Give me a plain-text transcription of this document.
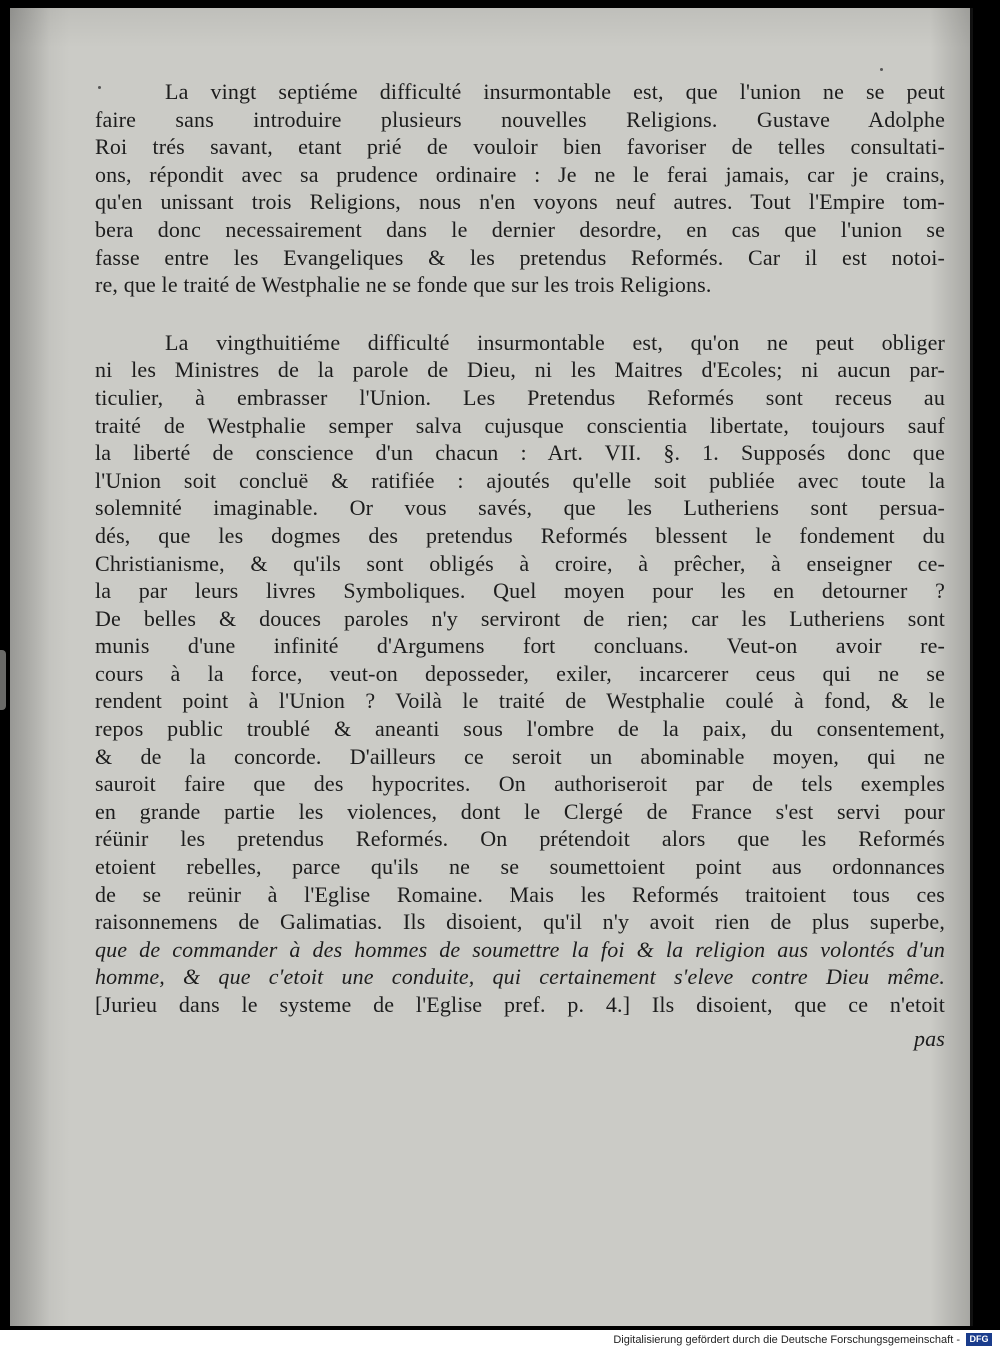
La vingt septiéme difficulté insurmontable est, que l'union ne se peut
faire sans introduire plusieurs nouvelles Religions. Gustave Adolphe
Roi trés savant, etant prié de vouloir bien favoriser de telles consultati-
ons, répondit avec sa prudence ordinaire : Je ne le ferai jamais, car je crains,
qu'en unissant trois Religions, nous n'en voyons neuf autres. Tout l'Empire tom-
bera donc necessairement dans le dernier desordre, en cas que l'union se
fasse entre les Evangeliques & les pretendus Reformés. Car il est notoi-
re, que le traité de Westphalie ne se fonde que sur les trois Religions.
La vingthuitiéme difficulté insurmontable est, qu'on ne peut obliger
ni les Ministres de la parole de Dieu, ni les Maitres d'Ecoles; ni aucun par-
ticulier, à embrasser l'Union. Les Pretendus Reformés sont receus au
traité de Westphalie semper salva cujusque conscientia libertate, toujours sauf
la liberté de conscience d'un chacun : Art. VII. §. 1. Supposés donc que
l'Union soit concluë & ratifiée : ajoutés qu'elle soit publiée avec toute la
solemnité imaginable. Or vous savés, que les Lutheriens sont persua-
dés, que les dogmes des pretendus Reformés blessent le fondement du
Christianisme, & qu'ils sont obligés à croire, à prêcher, à enseigner ce-
la par leurs livres Symboliques. Quel moyen pour les en detourner ?
De belles & douces paroles n'y serviront de rien; car les Lutheriens sont
munis d'une infinité d'Argumens fort concluans. Veut-on avoir re-
cours à la force, veut-on deposseder, exiler, incarcerer ceus qui ne se
rendent point à l'Union ? Voilà le traité de Westphalie coulé à fond, & le
repos public troublé & aneanti sous l'ombre de la paix, du consentement,
& de la concorde. D'ailleurs ce seroit un abominable moyen, qui ne
sauroit faire que des hypocrites. On authoriseroit par de tels exemples
en grande partie les violences, dont le Clergé de France s'est servi pour
réünir les pretendus Reformés. On prétendoit alors que les Reformés
etoient rebelles, parce qu'ils ne se soumettoient point aus ordonnances
de se reünir à l'Eglise Romaine. Mais les Reformés traitoient tous ces
raisonnemens de Galimatias. Ils disoient, qu'il n'y avoit rien de plus superbe,
que de commander à des hommes de soumettre la foi & la religion aus volontés d'un
homme, & que c'etoit une conduite, qui certainement s'eleve contre Dieu même.
[Jurieu dans le systeme de l'Eglise pref. p. 4.] Ils disoient, que ce n'etoit
pas
Digitalisierung gefördert durch die Deutsche Forschungsgemeinschaft -	DFG
